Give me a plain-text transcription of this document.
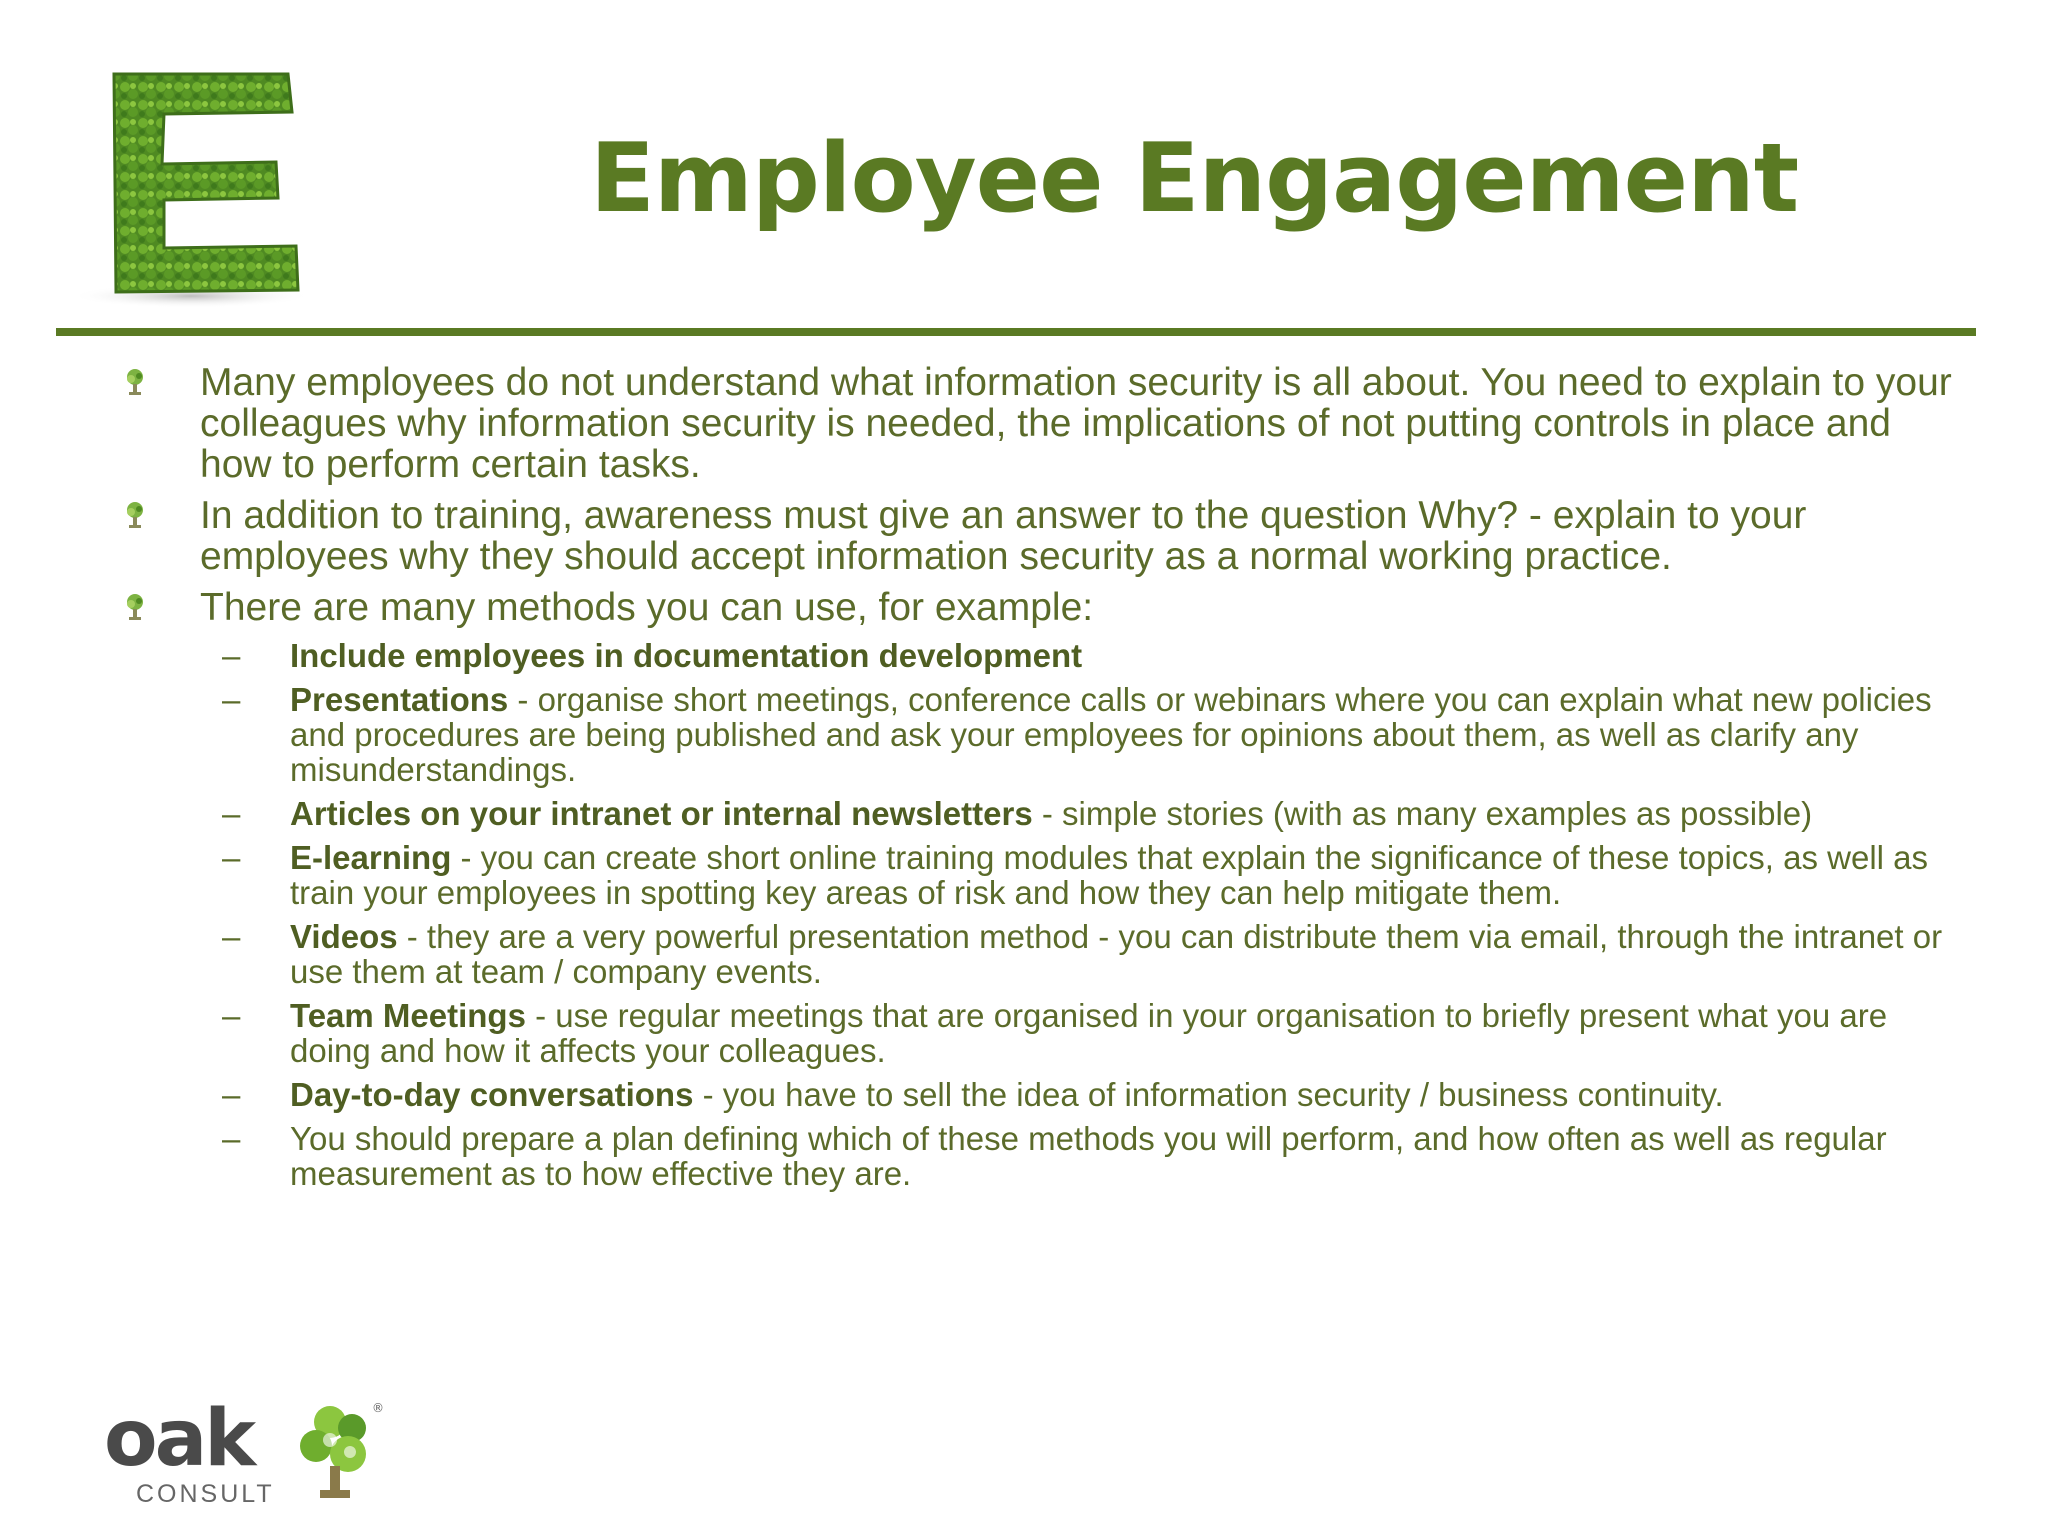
Employee Engagement
Many employees do not understand what information security is all about. You need to explain to your colleagues why information security is needed, the implications of not putting controls in place and how to perform certain tasks.
In addition to training, awareness must give an answer to the question Why? - explain to your employees why they should accept information security as a normal working practice.
There are many methods you can use, for example:
– Include employees in documentation development
– Presentations - organise short meetings, conference calls or webinars where you can explain what new policies and procedures are being published and ask your employees for opinions about them, as well as clarify any misunderstandings.
– Articles on your intranet or internal newsletters - simple stories (with as many examples as possible)
– E-learning - you can create short online training modules that explain the significance of these topics, as well as train your employees in spotting key areas of risk and how they can help mitigate them.
– Videos - they are a very powerful presentation method - you can distribute them via email, through the intranet or use them at team / company events.
– Team Meetings - use regular meetings that are organised in your organisation to briefly present what you are doing and how it affects your colleagues.
– Day-to-day conversations - you have to sell the idea of information security / business continuity.
– You should prepare a plan defining which of these methods you will perform, and how often as well as regular measurement as to how effective they are.
oak
CONSULT
®
